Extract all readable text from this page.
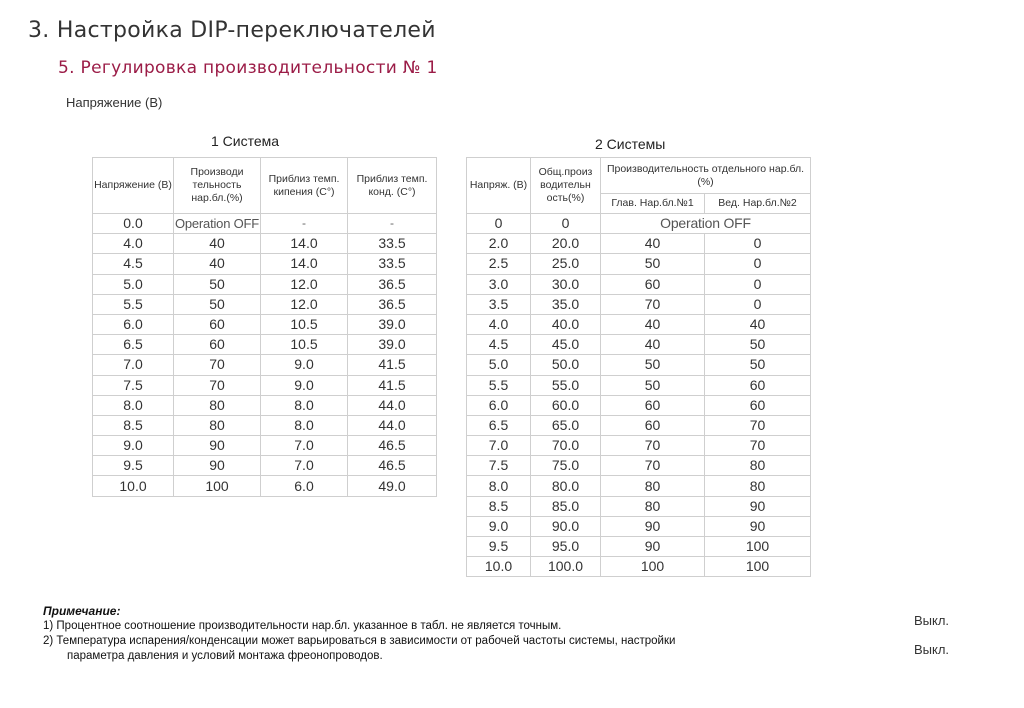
3. Настройка DIP-переключателей
5. Регулировка производительности № 1
Напряжение (В)
1 Система	2 Системы
Напряжение (В)	Производи тельность нар.бл.(%)	Приблиз темп. кипения (С°)	Приблиз темп. конд. (С°)
0.0	Operation OFF	-	-
4.0	40	14.0	33.5
4.5	40	14.0	33.5
5.0	50	12.0	36.5
5.5	50	12.0	36.5
6.0	60	10.5	39.0
6.5	60	10.5	39.0
7.0	70	9.0	41.5
7.5	70	9.0	41.5
8.0	80	8.0	44.0
8.5	80	8.0	44.0
9.0	90	7.0	46.5
9.5	90	7.0	46.5
10.0	100	6.0	49.0
Напряж. (В)	Общ.произ водительн ость(%)	Производительность отдельного нар.бл.(%)	
		Глав. Нар.бл.№1	Вед. Нар.бл.№2
0	0	Operation OFF	
2.0	20.0	40	0
2.5	25.0	50	0
3.0	30.0	60	0
3.5	35.0	70	0
4.0	40.0	40	40
4.5	45.0	40	50
5.0	50.0	50	50
5.5	55.0	50	60
6.0	60.0	60	60
6.5	65.0	60	70
7.0	70.0	70	70
7.5	75.0	70	80
8.0	80.0	80	80
8.5	85.0	80	90
9.0	90.0	90	90
9.5	95.0	90	100
10.0	100.0	100	100
Примечание:
1) Процентное соотношение производительности нар.бл. указанное в табл. не является точным.
2) Температура испарения/конденсации может варьироваться в зависимости от рабочей частоты системы, настройки
параметра давления и условий монтажа фреонопроводов.
Выкл.
Выкл.
